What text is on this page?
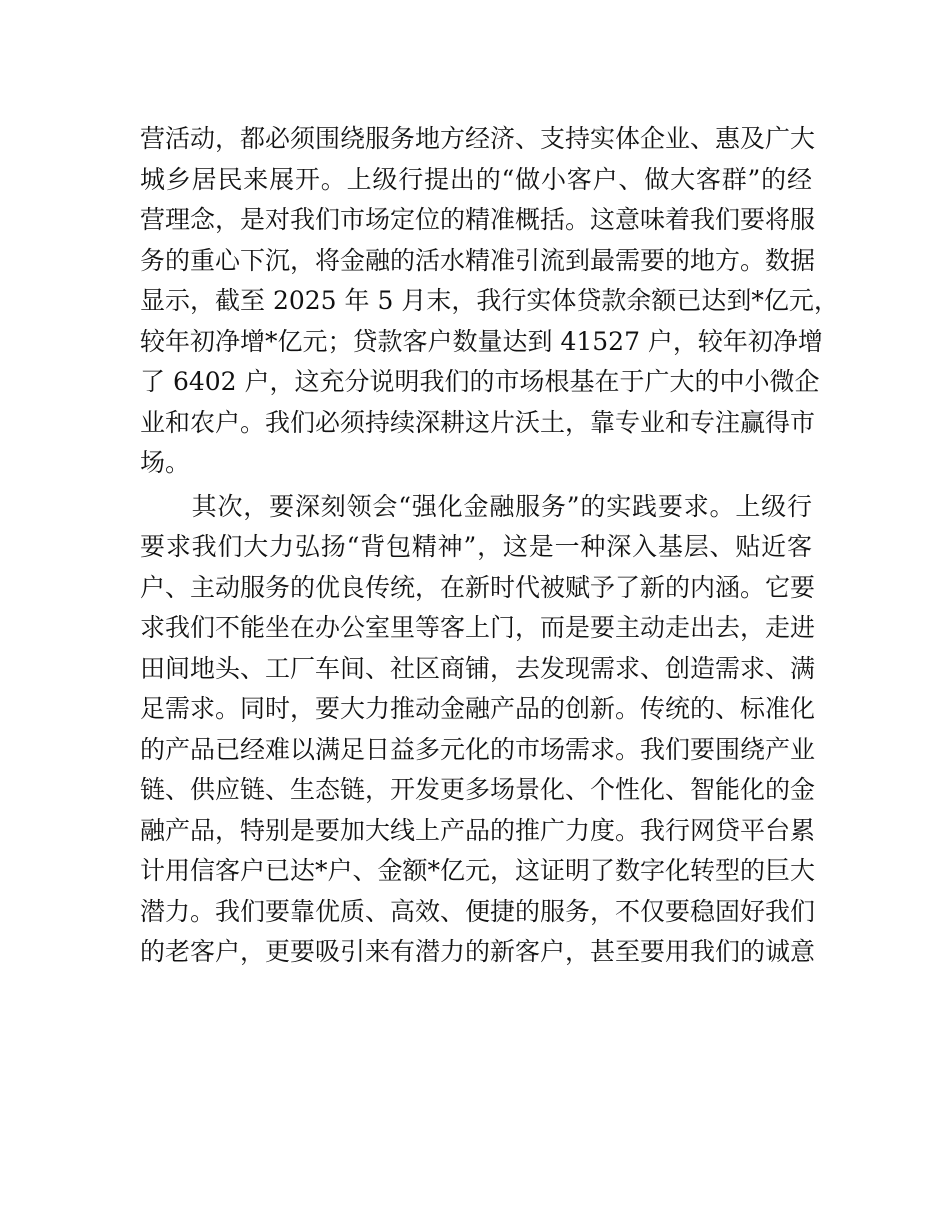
营活动，都必须围绕服务地方经济、支持实体企业、惠及广大
城乡居民来展开。上级行提出的“做小客户、做大客群”的经
营理念，是对我们市场定位的精准概括。这意味着我们要将服
务的重心下沉，将金融的活水精准引流到最需要的地方。数据
显示，截至 2025 年 5 月末，我行实体贷款余额已达到*亿元，
较年初净增*亿元；贷款客户数量达到 41527 户，较年初净增
了 6402 户，这充分说明我们的市场根基在于广大的中小微企
业和农户。我们必须持续深耕这片沃土，靠专业和专注赢得市
场。
　　其次，要深刻领会“强化金融服务”的实践要求。上级行
要求我们大力弘扬“背包精神”，这是一种深入基层、贴近客
户、主动服务的优良传统，在新时代被赋予了新的内涵。它要
求我们不能坐在办公室里等客上门，而是要主动走出去，走进
田间地头、工厂车间、社区商铺，去发现需求、创造需求、满
足需求。同时，要大力推动金融产品的创新。传统的、标准化
的产品已经难以满足日益多元化的市场需求。我们要围绕产业
链、供应链、生态链，开发更多场景化、个性化、智能化的金
融产品，特别是要加大线上产品的推广力度。我行网贷平台累
计用信客户已达*户、金额*亿元，这证明了数字化转型的巨大
潜力。我们要靠优质、高效、便捷的服务，不仅要稳固好我们
的老客户，更要吸引来有潜力的新客户，甚至要用我们的诚意
